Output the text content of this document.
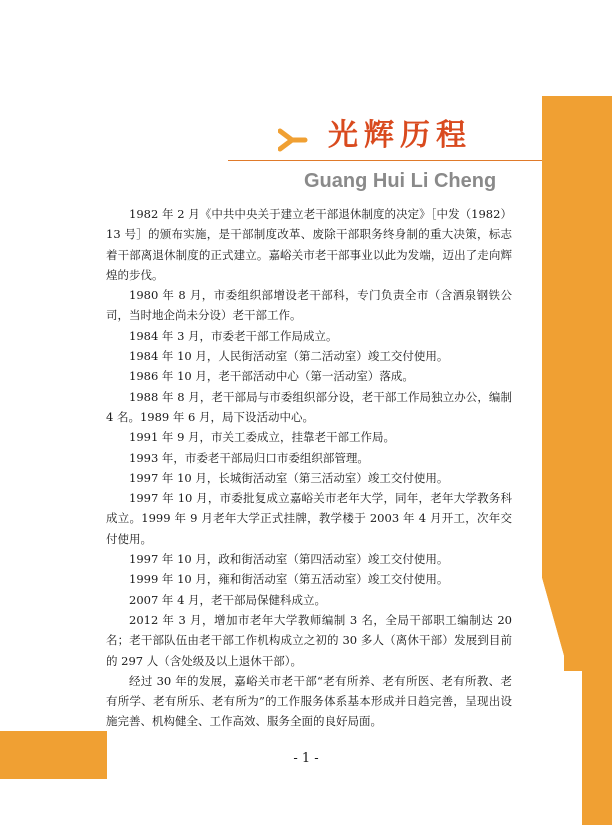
光辉历程
Guang Hui Li Cheng

1982 年 2 月《中共中央关于建立老干部退休制度的决定》［中发（1982）13 号］的颁布实施，是干部制度改革、废除干部职务终身制的重大决策，标志着干部离退休制度的正式建立。嘉峪关市老干部事业以此为发端，迈出了走向辉煌的步伐。

1980 年 8 月，市委组织部增设老干部科，专门负责全市（含酒泉钢铁公司，当时地企尚未分设）老干部工作。

1984 年 3 月，市委老干部工作局成立。

1984 年 10 月，人民街活动室（第二活动室）竣工交付使用。

1986 年 10 月，老干部活动中心（第一活动室）落成。

1988 年 8 月，老干部局与市委组织部分设，老干部工作局独立办公，编制 4 名。1989 年 6 月，局下设活动中心。

1991 年 9 月，市关工委成立，挂靠老干部工作局。

1993 年，市委老干部局归口市委组织部管理。

1997 年 10 月，长城街活动室（第三活动室）竣工交付使用。

1997 年 10 月，市委批复成立嘉峪关市老年大学，同年，老年大学教务科成立。1999 年 9 月老年大学正式挂牌，教学楼于 2003 年 4 月开工，次年交付使用。

1997 年 10 月，政和街活动室（第四活动室）竣工交付使用。

1999 年 10 月，雍和街活动室（第五活动室）竣工交付使用。

2007 年 4 月，老干部局保健科成立。

2012 年 3 月，增加市老年大学教师编制 3 名，全局干部职工编制达 20 名；老干部队伍由老干部工作机构成立之初的 30 多人（离休干部）发展到目前的 297 人（含处级及以上退休干部）。

经过 30 年的发展，嘉峪关市老干部“老有所养、老有所医、老有所教、老有所学、老有所乐、老有所为”的工作服务体系基本形成并日趋完善，呈现出设施完善、机构健全、工作高效、服务全面的良好局面。

- 1 -
